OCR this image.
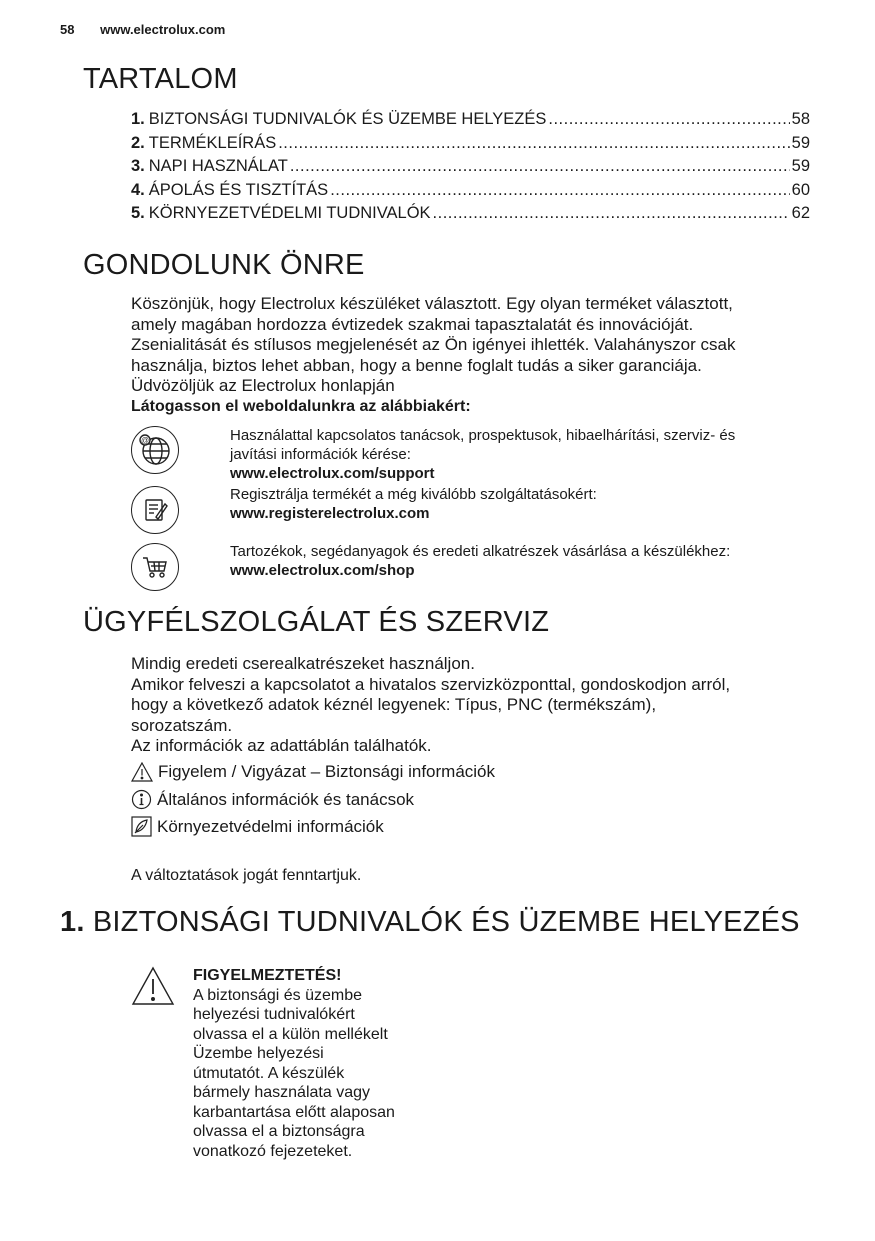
58 www.electrolux.com
TARTALOM
1. BIZTONSÁGI TUDNIVALÓK ÉS ÜZEMBE HELYEZÉS .....	58
2. TERMÉKLEÍRÁS .....	59
3. NAPI HASZNÁLAT .....	59
4. ÁPOLÁS ÉS TISZTÍTÁS .....	60
5. KÖRNYEZETVÉDELMI TUDNIVALÓK .....	62
GONDOLUNK ÖNRE

Köszönjük, hogy Electrolux készüléket választott. Egy olyan terméket választott,

amely magában hordozza évtizedek szakmai tapasztalatát és innovációját.

Zsenialitását és stílusos megjelenését az Ön igényei ihlették. Valahányszor csak

használja, biztos lehet abban, hogy a benne foglalt tudás a siker garanciája.

Üdvözöljük az Electrolux honlapján

Látogasson el weboldalunkra az alábbiakért:

@	Használattal kapcsolatos tanácsok, prospektusok, hibaelhárítási, szerviz- és
javítási információk kérése:
www.electrolux.com/support
Regisztrálja termékét a még kiválóbb szolgáltatásokért:
www.registerelectrolux.com
Tartozékok, segédanyagok és eredeti alkatrészek vásárlása a készülékhez:
www.electrolux.com/shop
ÜGYFÉLSZOLGÁLAT ÉS SZERVIZ

Mindig eredeti cserealkatrészeket használjon.

Amikor felveszi a kapcsolatot a hivatalos szervizközponttal, gondoskodjon arról,

hogy a következő adatok kéznél legyenek: Típus, PNC (termékszám),

sorozatszám.

Az információk az adattáblán találhatók.

Figyelem / Vigyázat – Biztonsági információk
Általános információk és tanácsok
Környezetvédelmi információk
A változtatások jogát fenntartjuk.
1. BIZTONSÁGI TUDNIVALÓK ÉS ÜZEMBE HELYEZÉS
FIGYELMEZTETÉS!
A biztonsági és üzembe
helyezési tudnivalókért
olvassa el a külön mellékelt
Üzembe helyezési
útmutatót. A készülék
bármely használata vagy
karbantartása előtt alaposan
olvassa el a biztonságra
vonatkozó fejezeteket.
